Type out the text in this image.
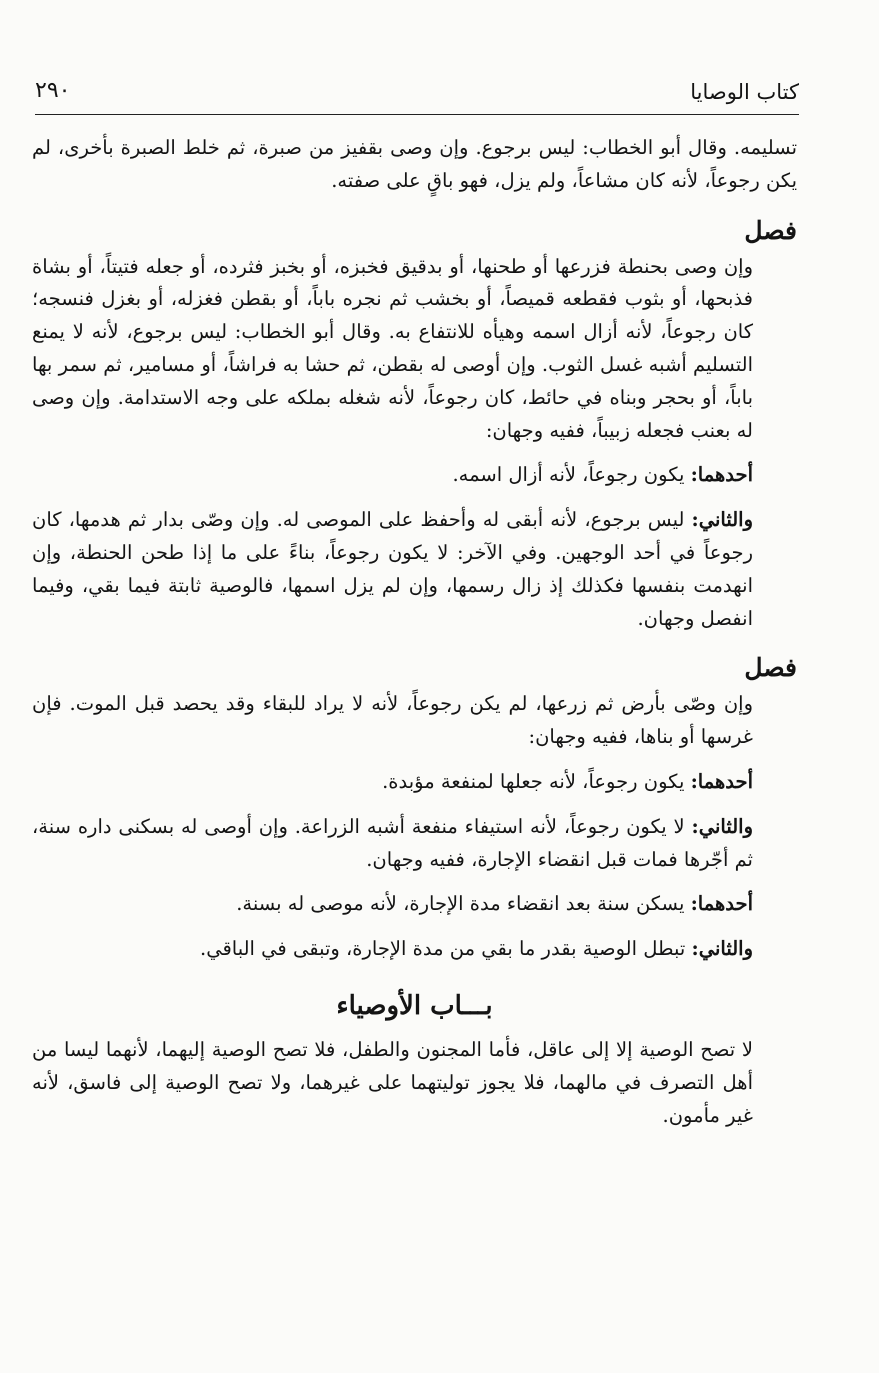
٢٩٠	كتاب الوصايا

تسليمه. وقال أبو الخطاب: ليس برجوع. وإن وصى بقفيز من صبرة، ثم خلط الصبرة بأخرى، لم يكن رجوعاً، لأنه كان مشاعاً، ولم يزل، فهو باقٍ على صفته.

فصل

وإن وصى بحنطة فزرعها أو طحنها، أو بدقيق فخبزه، أو بخبز فثرده، أو جعله فتيتاً، أو بشاة فذبحها، أو بثوب فقطعه قميصاً، أو بخشب ثم نجره باباً، أو بقطن فغزله، أو بغزل فنسجه؛ كان رجوعاً، لأنه أزال اسمه وهيأه للانتفاع به. وقال أبو الخطاب: ليس برجوع، لأنه لا يمنع التسليم أشبه غسل الثوب. وإن أوصى له بقطن، ثم حشا به فراشاً، أو مسامير، ثم سمر بها باباً، أو بحجر وبناه في حائط، كان رجوعاً، لأنه شغله بملكه على وجه الاستدامة. وإن وصى له بعنب فجعله زبيباً، ففيه وجهان:

أحدهما: يكون رجوعاً، لأنه أزال اسمه.

والثاني: ليس برجوع، لأنه أبقى له وأحفظ على الموصى له. وإن وصّى بدار ثم هدمها، كان رجوعاً في أحد الوجهين. وفي الآخر: لا يكون رجوعاً، بناءً على ما إذا طحن الحنطة، وإن انهدمت بنفسها فكذلك إذ زال رسمها، وإن لم يزل اسمها، فالوصية ثابتة فيما بقي، وفيما انفصل وجهان.

فصل

وإن وصّى بأرض ثم زرعها، لم يكن رجوعاً، لأنه لا يراد للبقاء وقد يحصد قبل الموت. فإن غرسها أو بناها، ففيه وجهان:

أحدهما: يكون رجوعاً، لأنه جعلها لمنفعة مؤبدة.

والثاني: لا يكون رجوعاً، لأنه استيفاء منفعة أشبه الزراعة. وإن أوصى له بسكنى داره سنة، ثم أجّرها فمات قبل انقضاء الإجارة، ففيه وجهان.

أحدهما: يسكن سنة بعد انقضاء مدة الإجارة، لأنه موصى له بسنة.

والثاني: تبطل الوصية بقدر ما بقي من مدة الإجارة، وتبقى في الباقي.

بـــاب الأوصياء

لا تصح الوصية إلا إلى عاقل، فأما المجنون والطفل، فلا تصح الوصية إليهما، لأنهما ليسا من أهل التصرف في مالهما، فلا يجوز توليتهما على غيرهما، ولا تصح الوصية إلى فاسق، لأنه غير مأمون.
